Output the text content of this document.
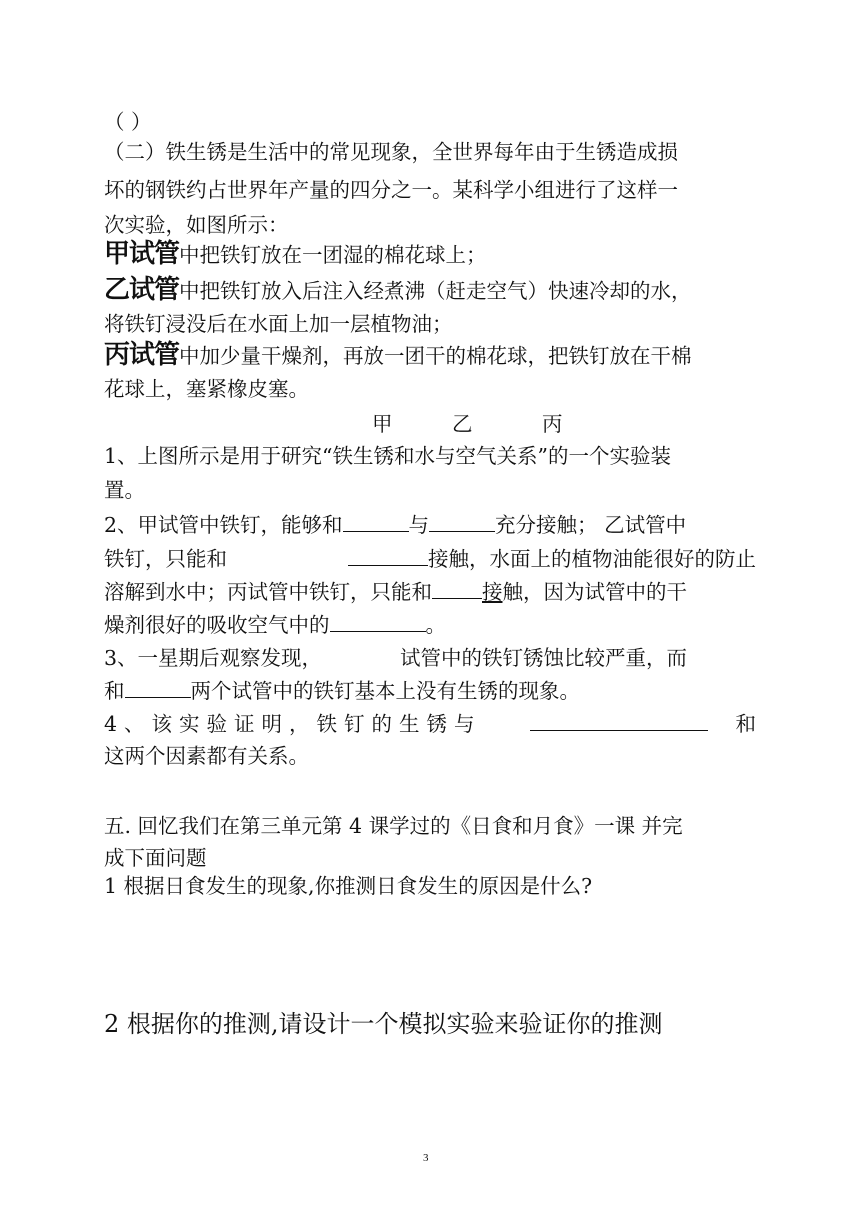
（ ）
（二）铁生锈是生活中的常见现象，全世界每年由于生锈造成损
坏的钢铁约占世界年产量的四分之一。某科学小组进行了这样一
次实验，如图所示：
甲试管中把铁钉放在一团湿的棉花球上；
乙试管中把铁钉放入后注入经煮沸（赶走空气）快速冷却的水，
将铁钉浸没后在水面上加一层植物油；
丙试管中加少量干燥剂，再放一团干的棉花球，把铁钉放在干棉
花球上，塞紧橡皮塞。
甲	乙	丙
1、上图所示是用于研究“铁生锈和水与空气关系”的一个实验装
置。
2、甲试管中铁钉，能够和	与	充分接触； 乙试管中
铁钉，只能和	接触，水面上的植物油能很好的防止
溶解到水中；丙试管中铁钉，只能和 接触，因为试管中的干
燥剂很好的吸收空气中的	。
3、一星期后观察发现，	试管中的铁钉锈蚀比较严重，而
和	两个试管中的铁钉基本上没有生锈的现象。
4、该实验证明，铁钉的生锈与	和
这两个因素都有关系。
五. 回忆我们在第三单元第 4 课学过的《日食和月食》一课 并完
成下面问题
1 根据日食发生的现象,你推测日食发生的原因是什么?
2 根据你的推测,请设计一个模拟实验来验证你的推测
3
